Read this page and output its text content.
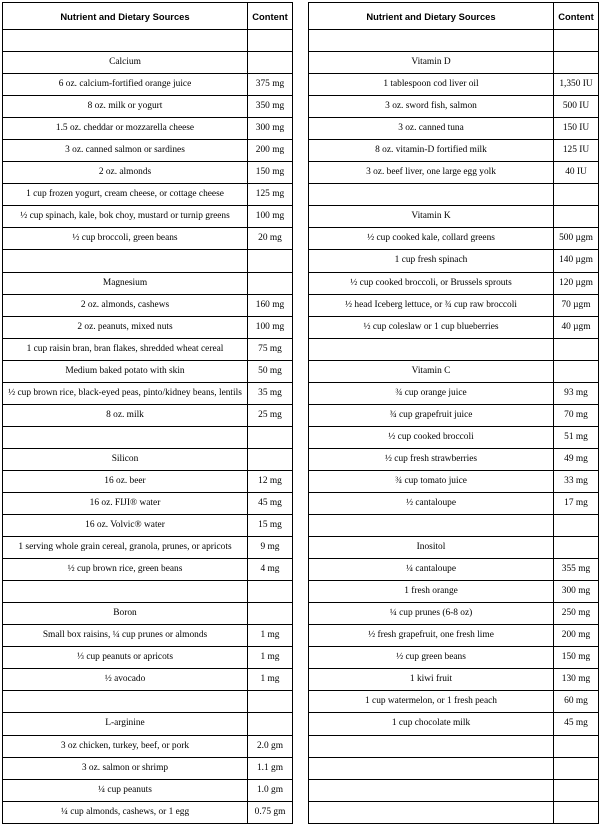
Nutrient and Dietary Sources	Content

Calcium	
6 oz. calcium-fortified orange juice	375 mg
8 oz. milk or yogurt	350 mg
1.5 oz. cheddar or mozzarella cheese	300 mg
3 oz. canned salmon or sardines	200 mg
2 oz. almonds	150 mg
1 cup frozen yogurt, cream cheese, or cottage cheese	125 mg
½ cup spinach, kale, bok choy, mustard or turnip greens	100 mg
½ cup broccoli, green beans	20 mg

Magnesium	
2 oz. almonds, cashews	160 mg
2 oz. peanuts, mixed nuts	100 mg
1 cup raisin bran, bran flakes, shredded wheat cereal	75 mg
Medium baked potato with skin	50 mg
½ cup brown rice, black-eyed peas, pinto/kidney beans, lentils	35 mg
8 oz. milk	25 mg

Silicon	
16 oz. beer	12 mg
16 oz. FIJI® water	45 mg
16 oz. Volvic® water	15 mg
1 serving whole grain cereal, granola, prunes, or apricots	9 mg
½ cup brown rice, green beans	4 mg

Boron	
Small box raisins, ¼ cup prunes or almonds	1 mg
⅓ cup peanuts or apricots	1 mg
½ avocado	1 mg

L-arginine	
3 oz chicken, turkey, beef, or pork	2.0 gm
3 oz. salmon or shrimp	1.1 gm
¼ cup peanuts	1.0 gm
¼ cup almonds, cashews, or 1 egg	0.75 gm
Nutrient and Dietary Sources	Content

Vitamin D	
1 tablespoon cod liver oil	1,350 IU
3 oz. sword fish, salmon	500 IU
3 oz. canned tuna	150 IU
8 oz. vitamin-D fortified milk	125 IU
3 oz. beef liver, one large egg yolk	40 IU

Vitamin K	
½ cup cooked kale, collard greens	500 µgm
1 cup fresh spinach	140 µgm
½ cup cooked broccoli, or Brussels sprouts	120 µgm
½ head Iceberg lettuce, or ¾ cup raw broccoli	70 µgm
½ cup coleslaw or 1 cup blueberries	40 µgm

Vitamin C	
¾ cup orange juice	93 mg
¾ cup grapefruit juice	70 mg
½ cup cooked broccoli	51 mg
½ cup fresh strawberries	49 mg
¾ cup tomato juice	33 mg
½ cantaloupe	17 mg

Inositol	
¼ cantaloupe	355 mg
1 fresh orange	300 mg
¼ cup prunes (6-8 oz)	250 mg
½ fresh grapefruit, one fresh lime	200 mg
½ cup green beans	150 mg
1 kiwi fruit	130 mg
1 cup watermelon, or 1 fresh peach	60 mg
1 cup chocolate milk	45 mg
